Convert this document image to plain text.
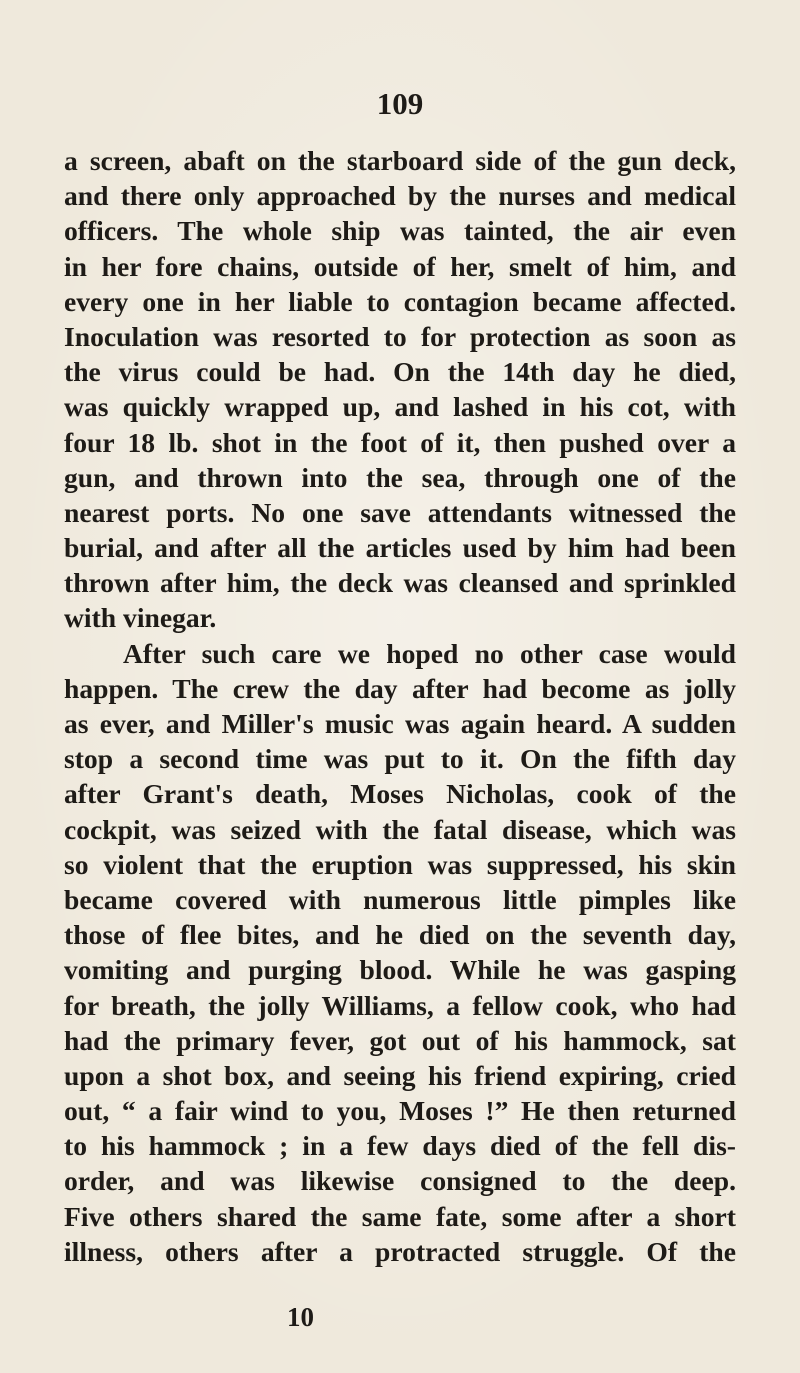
109
a screen, abaft on the starboard side of the gun deck,
and there only approached by the nurses and medical
officers. The whole ship was tainted, the air even
in her fore chains, outside of her, smelt of him, and
every one in her liable to contagion became affected.
Inoculation was resorted to for protection as soon as
the virus could be had. On the 14th day he died,
was quickly wrapped up, and lashed in his cot, with
four 18 lb. shot in the foot of it, then pushed over a
gun, and thrown into the sea, through one of the
nearest ports. No one save attendants witnessed the
burial, and after all the articles used by him had been
thrown after him, the deck was cleansed and sprinkled
with vinegar.
After such care we hoped no other case would
happen. The crew the day after had become as jolly
as ever, and Miller's music was again heard. A sudden
stop a second time was put to it. On the fifth day
after Grant's death, Moses Nicholas, cook of the
cockpit, was seized with the fatal disease, which was
so violent that the eruption was suppressed, his skin
became covered with numerous little pimples like
those of flee bites, and he died on the seventh day,
vomiting and purging blood. While he was gasping
for breath, the jolly Williams, a fellow cook, who had
had the primary fever, got out of his hammock, sat
upon a shot box, and seeing his friend expiring, cried
out, “ a fair wind to you, Moses !” He then returned
to his hammock ; in a few days died of the fell dis-
order, and was likewise consigned to the deep.
Five others shared the same fate, some after a short
illness, others after a protracted struggle. Of the
10
